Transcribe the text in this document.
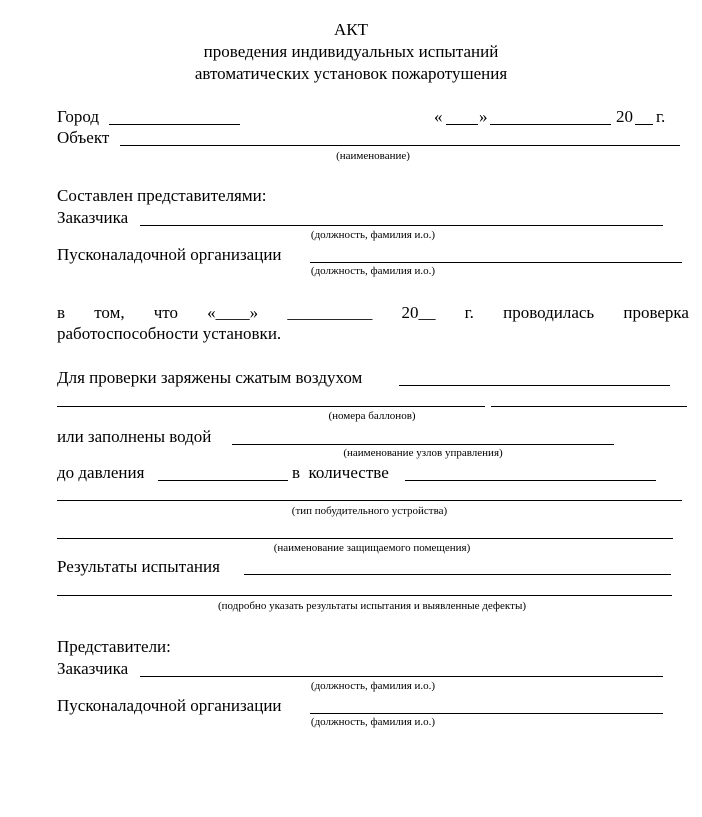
АКТ
проведения индивидуальных испытаний
автоматических установок пожаротушения
Город	« »	20 г.
Объект
(наименование)
Составлен представителями:
Заказчика
(должность, фамилия и.о.)
Пусконаладочной организации
(должность, фамилия и.о.)
в том, что «____» __________ 20__ г. проводилась проверка
работоспособности установки.
Для проверки заряжены сжатым воздухом
(номера баллонов)
или заполнены водой
(наименование узлов управления)
до давления	в  количестве
(тип побудительного устройства)
(наименование защищаемого помещения)
Результаты испытания
(подробно указать результаты испытания и выявленные дефекты)
Представители:
Заказчика
(должность, фамилия и.о.)
Пусконаладочной организации
(должность, фамилия и.о.)
